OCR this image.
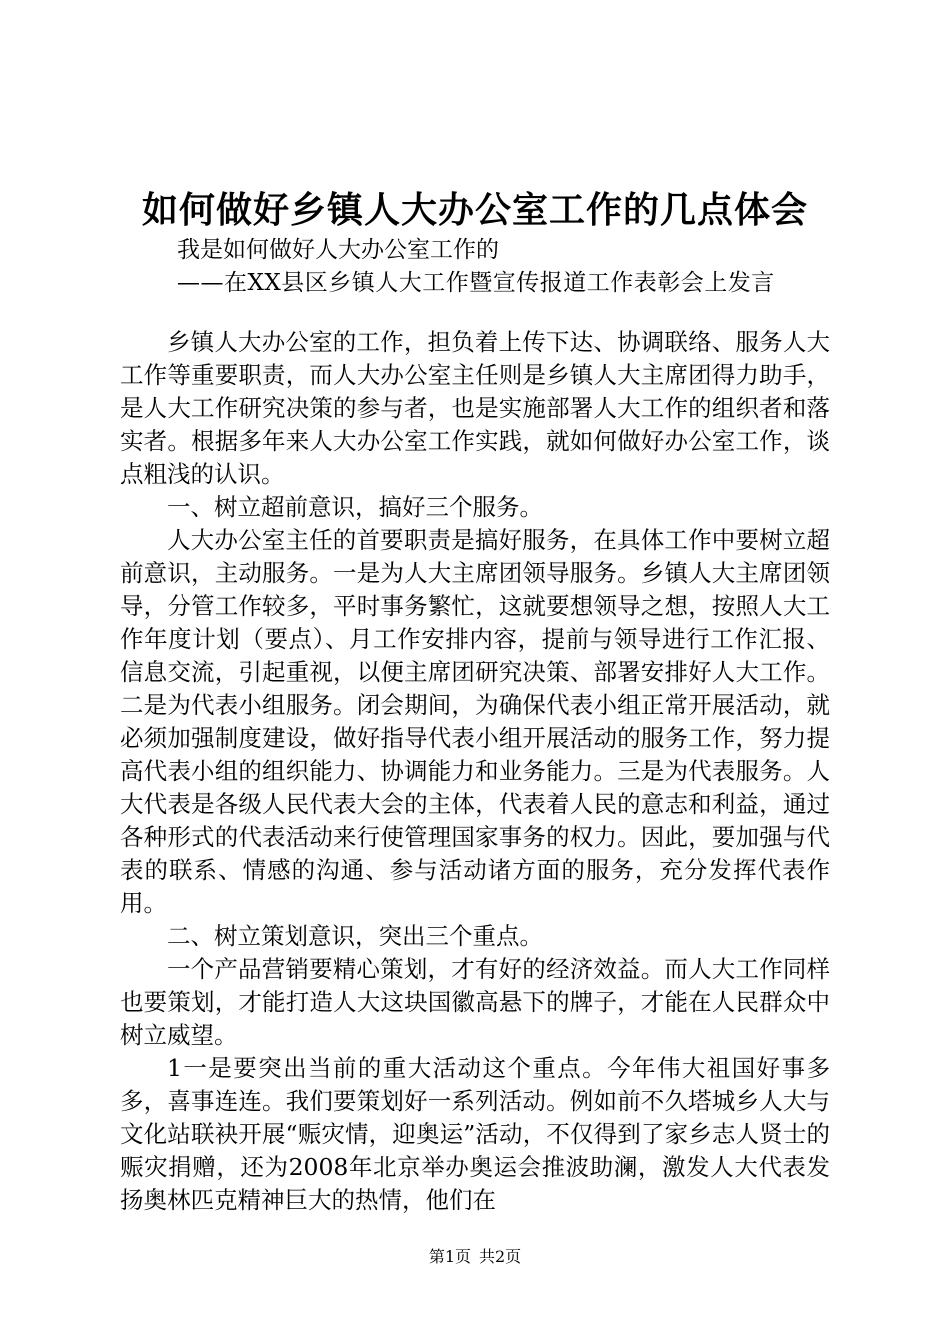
如何做好乡镇人大办公室工作的几点体会
我是如何做好人大办公室工作的
——在XX县区乡镇人大工作暨宣传报道工作表彰会上发言

乡镇人大办公室的工作，担负着上传下达、协调联络、服务人大工作等重要职责，而人大办公室主任则是乡镇人大主席团得力助手，是人大工作研究决策的参与者，也是实施部署人大工作的组织者和落实者。根据多年来人大办公室工作实践，就如何做好办公室工作，谈点粗浅的认识。

一、树立超前意识，搞好三个服务。

人大办公室主任的首要职责是搞好服务，在具体工作中要树立超前意识，主动服务。一是为人大主席团领导服务。乡镇人大主席团领导，分管工作较多，平时事务繁忙，这就要想领导之想，按照人大工作年度计划（要点）、月工作安排内容，提前与领导进行工作汇报、信息交流，引起重视，以便主席团研究决策、部署安排好人大工作。二是为代表小组服务。闭会期间，为确保代表小组正常开展活动，就必须加强制度建设，做好指导代表小组开展活动的服务工作，努力提高代表小组的组织能力、协调能力和业务能力。三是为代表服务。人大代表是各级人民代表大会的主体，代表着人民的意志和利益，通过各种形式的代表活动来行使管理国家事务的权力。因此，要加强与代表的联系、情感的沟通、参与活动诸方面的服务，充分发挥代表作用。

二、树立策划意识，突出三个重点。

一个产品营销要精心策划，才有好的经济效益。而人大工作同样也要策划，才能打造人大这块国徽高悬下的牌子，才能在人民群众中树立威望。

1一是要突出当前的重大活动这个重点。今年伟大祖国好事多多，喜事连连。我们要策划好一系列活动。例如前不久塔城乡人大与文化站联袂开展“赈灾情，迎奥运”活动，不仅得到了家乡志人贤士的赈灾捐赠，还为2008年北京举办奥运会推波助澜，激发人大代表发扬奥林匹克精神巨大的热情，他们在

第1页 共2页
